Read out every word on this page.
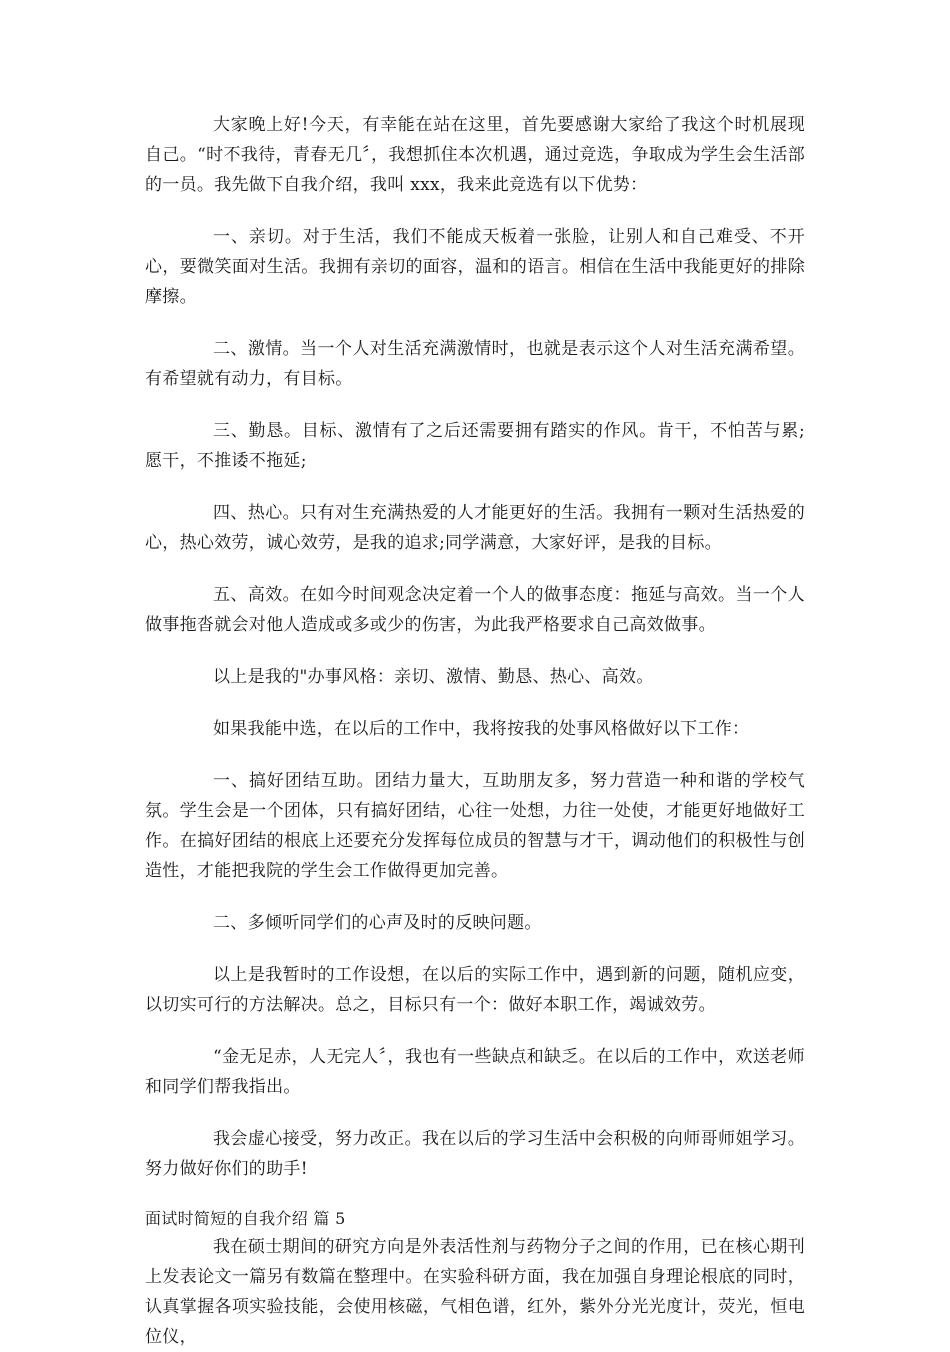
大家晚上好!今天，有幸能在站在这里，首先要感谢大家给了我这个时机展现自己。“时不我待，青春无几〞，我想抓住本次机遇，通过竞选，争取成为学生会生活部的一员。我先做下自我介绍，我叫 xxx，我来此竞选有以下优势：

一、亲切。对于生活，我们不能成天板着一张脸，让别人和自己难受、不开心，要微笑面对生活。我拥有亲切的面容，温和的语言。相信在生活中我能更好的排除摩擦。

二、激情。当一个人对生活充满激情时，也就是表示这个人对生活充满希望。有希望就有动力，有目标。

三、勤恳。目标、激情有了之后还需要拥有踏实的作风。肯干，不怕苦与累;愿干，不推诿不拖延;

四、热心。只有对生充满热爱的人才能更好的生活。我拥有一颗对生活热爱的心，热心效劳，诚心效劳，是我的追求;同学满意，大家好评，是我的目标。

五、高效。在如今时间观念决定着一个人的做事态度：拖延与高效。当一个人做事拖沓就会对他人造成或多或少的伤害，为此我严格要求自己高效做事。

以上是我的"办事风格：亲切、激情、勤恳、热心、高效。

如果我能中选，在以后的工作中，我将按我的处事风格做好以下工作：

一、搞好团结互助。团结力量大，互助朋友多，努力营造一种和谐的学校气氛。学生会是一个团体，只有搞好团结，心往一处想，力往一处使，才能更好地做好工作。在搞好团结的根底上还要充分发挥每位成员的智慧与才干，调动他们的积极性与创造性，才能把我院的学生会工作做得更加完善。

二、多倾听同学们的心声及时的反映问题。

以上是我暂时的工作设想，在以后的实际工作中，遇到新的问题，随机应变，以切实可行的方法解决。总之，目标只有一个：做好本职工作，竭诚效劳。

“金无足赤，人无完人〞，我也有一些缺点和缺乏。在以后的工作中，欢送老师和同学们帮我指出。

我会虚心接受，努力改正。我在以后的学习生活中会积极的向师哥师姐学习。努力做好你们的助手!

面试时简短的自我介绍 篇 5

我在硕士期间的研究方向是外表活性剂与药物分子之间的作用，已在核心期刊上发表论文一篇另有数篇在整理中。在实验科研方面，我在加强自身理论根底的同时，认真掌握各项实验技能，会使用核磁，气相色谱，红外，紫外分光光度计，荧光，恒电位仪，
